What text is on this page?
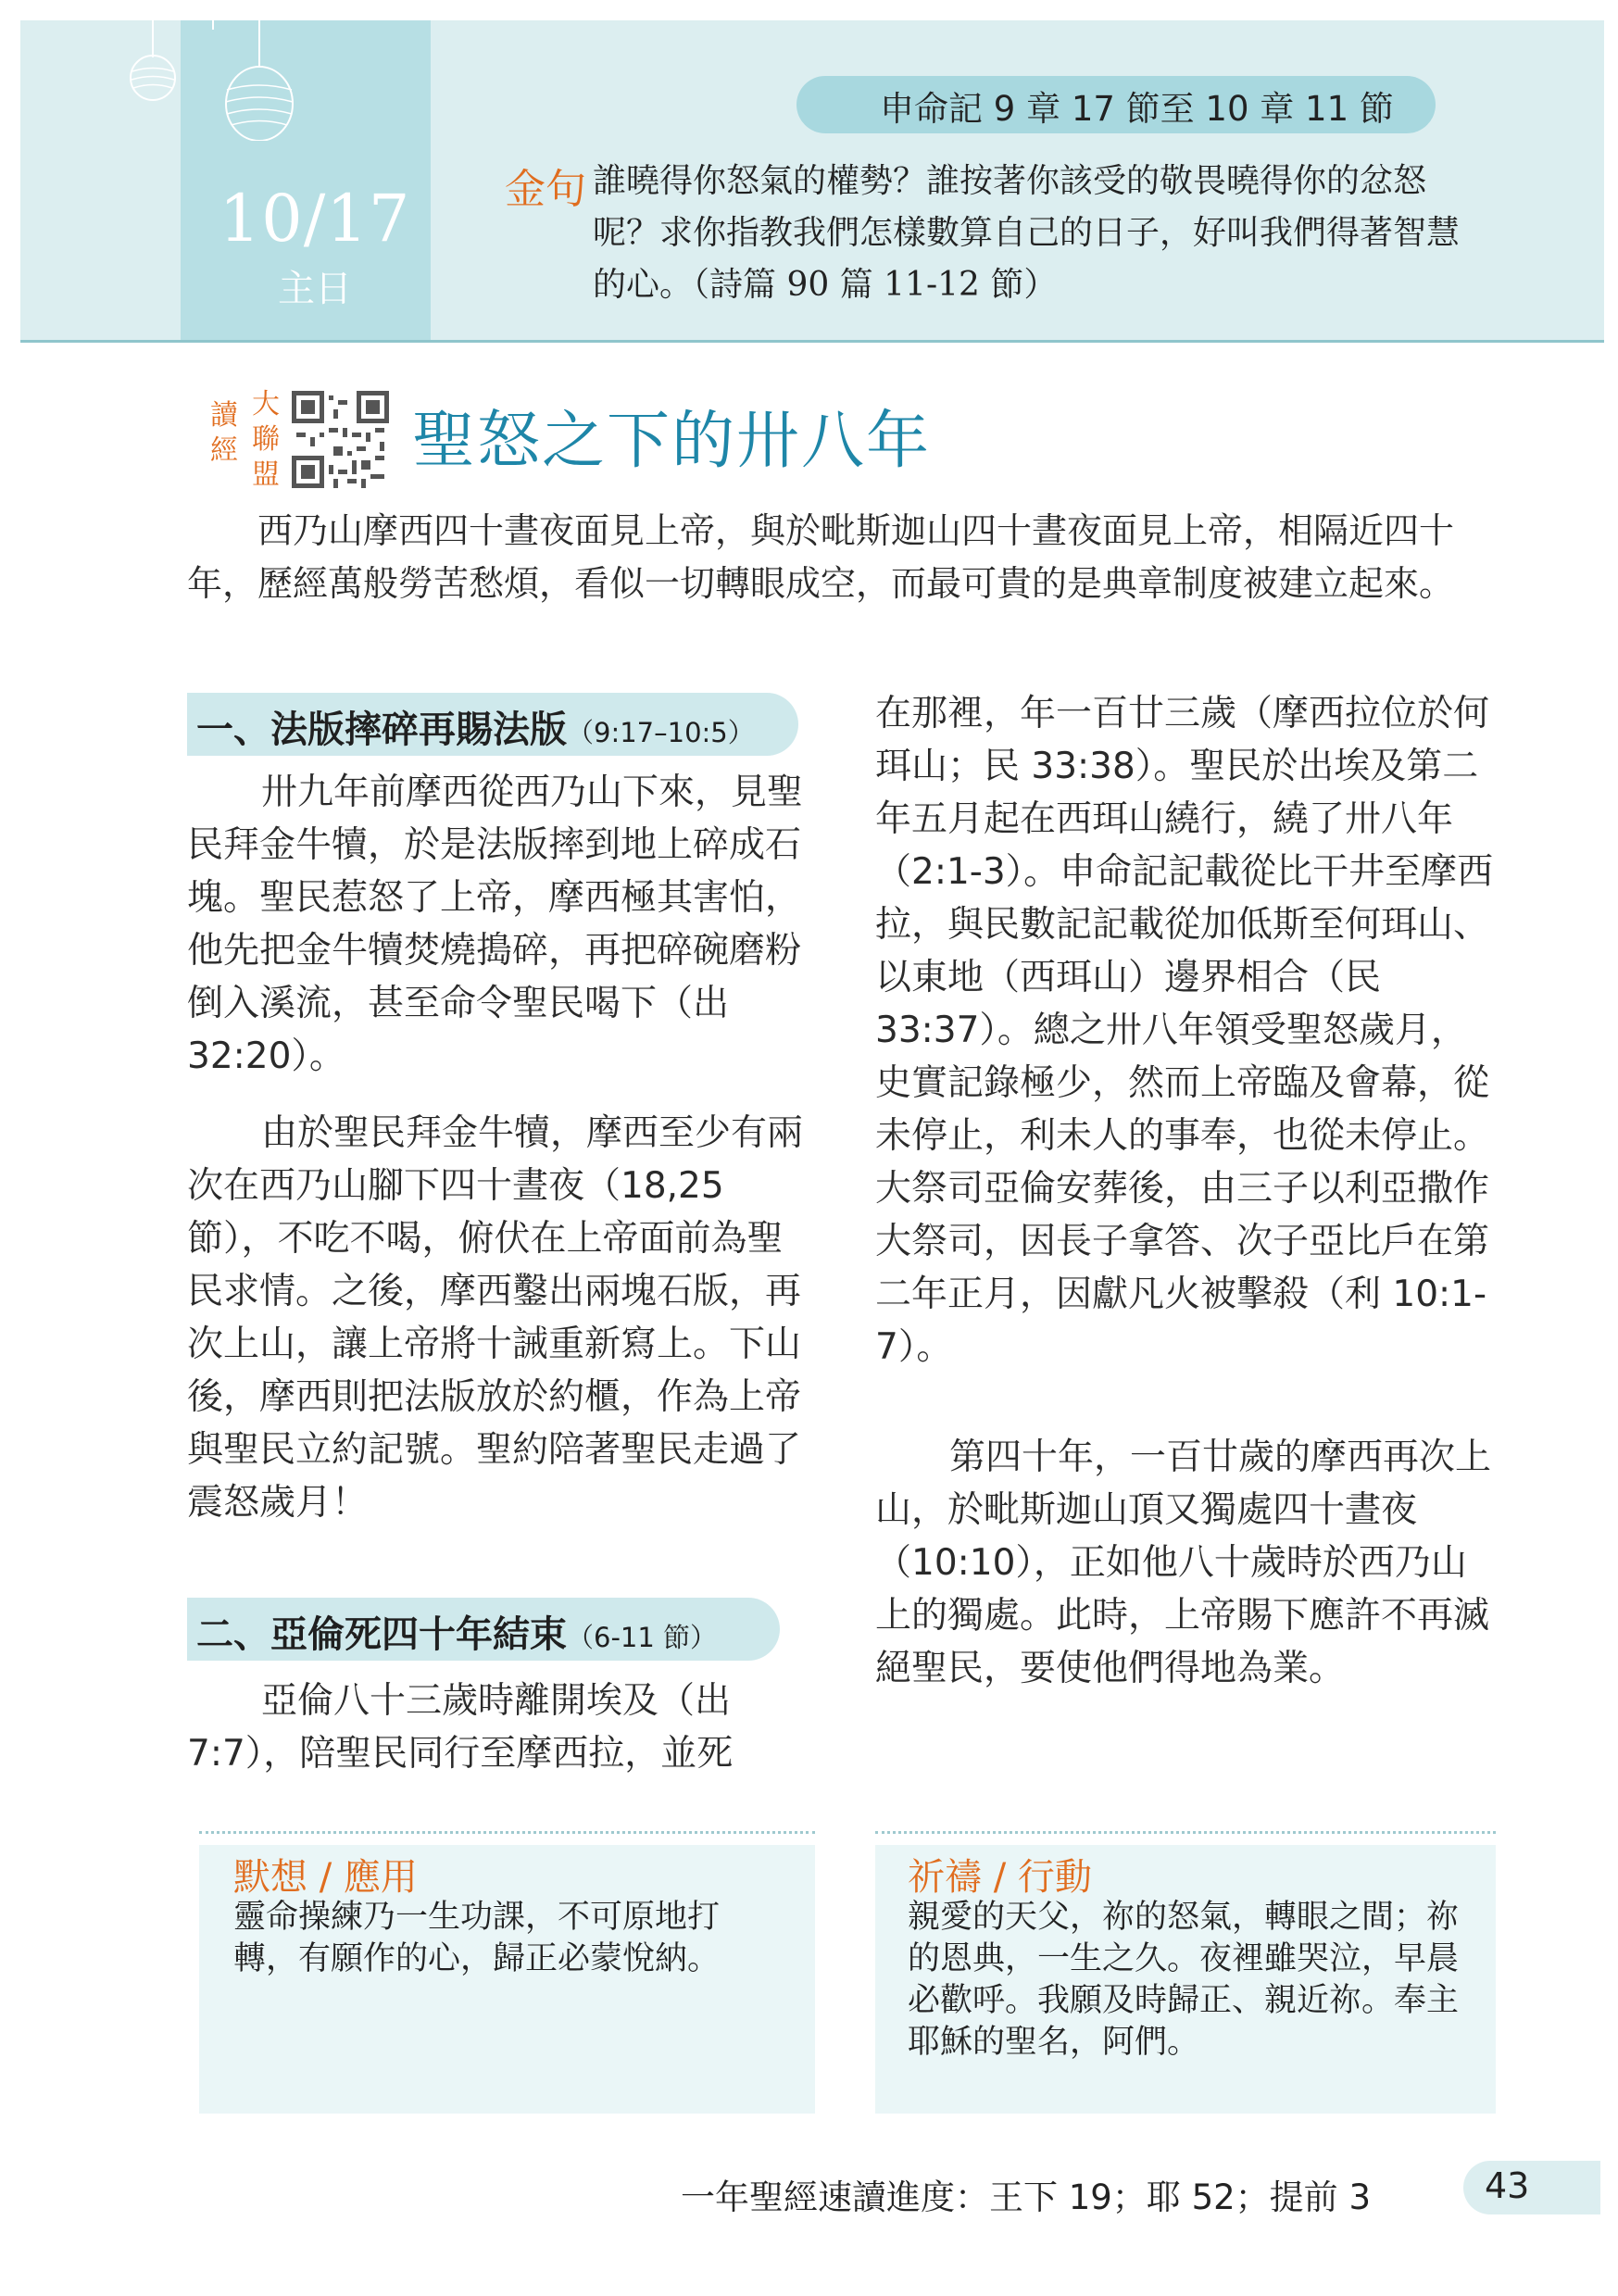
10/17
主日
申命記 9 章 17 節至 10 章 11 節
金句 誰曉得你怒氣的權勢？誰按著你該受的敬畏曉得你的忿怒呢？求你指教我們怎樣數算自己的日子，好叫我們得著智慧的心。（詩篇 90 篇 11-12 節）
讀經
大聯盟 聖怒之下的卅八年
西乃山摩西四十晝夜面見上帝，與於毗斯迦山四十晝夜面見上帝，相隔近四十年，歷經萬般勞苦愁煩，看似一切轉眼成空，而最可貴的是典章制度被建立起來。
一、法版摔碎再賜法版（9:17–10:5）
卅九年前摩西從西乃山下來，見聖民拜金牛犢，於是法版摔到地上碎成石塊。聖民惹怒了上帝，摩西極其害怕，他先把金牛犢焚燒搗碎，再把碎碗磨粉倒入溪流，甚至命令聖民喝下（出 32:20）。
由於聖民拜金牛犢，摩西至少有兩次在西乃山腳下四十晝夜（18,25 節），不吃不喝，俯伏在上帝面前為聖民求情。之後，摩西鑿出兩塊石版，再次上山，讓上帝將十誡重新寫上。下山後，摩西則把法版放於約櫃，作為上帝與聖民立約記號。聖約陪著聖民走過了震怒歲月！
二、亞倫死四十年結束（6-11 節）
亞倫八十三歲時離開埃及（出 7:7），陪聖民同行至摩西拉，並死
在那裡，年一百廿三歲（摩西拉位於何珥山；民 33:38）。聖民於出埃及第二年五月起在西珥山繞行，繞了卅八年（2:1-3）。申命記記載從比干井至摩西拉，與民數記記載從加低斯至何珥山、以東地（西珥山）邊界相合（民 33:37）。總之卅八年領受聖怒歲月，史實記錄極少，然而上帝臨及會幕，從未停止，利未人的事奉，也從未停止。大祭司亞倫安葬後，由三子以利亞撒作大祭司，因長子拿答、次子亞比戶在第二年正月，因獻凡火被擊殺（利 10:1-7）。
第四十年，一百廿歲的摩西再次上山，於毗斯迦山頂又獨處四十晝夜（10:10），正如他八十歲時於西乃山上的獨處。此時，上帝賜下應許不再滅絕聖民，要使他們得地為業。
默想 / 應用
靈命操練乃一生功課，不可原地打轉，有願作的心，歸正必蒙悅納。
祈禱 / 行動
親愛的天父，祢的怒氣，轉眼之間；祢的恩典，一生之久。夜裡雖哭泣，早晨必歡呼。我願及時歸正、親近祢。奉主耶穌的聖名，阿們。
一年聖經速讀進度：王下 19；耶 52；提前 3	43
